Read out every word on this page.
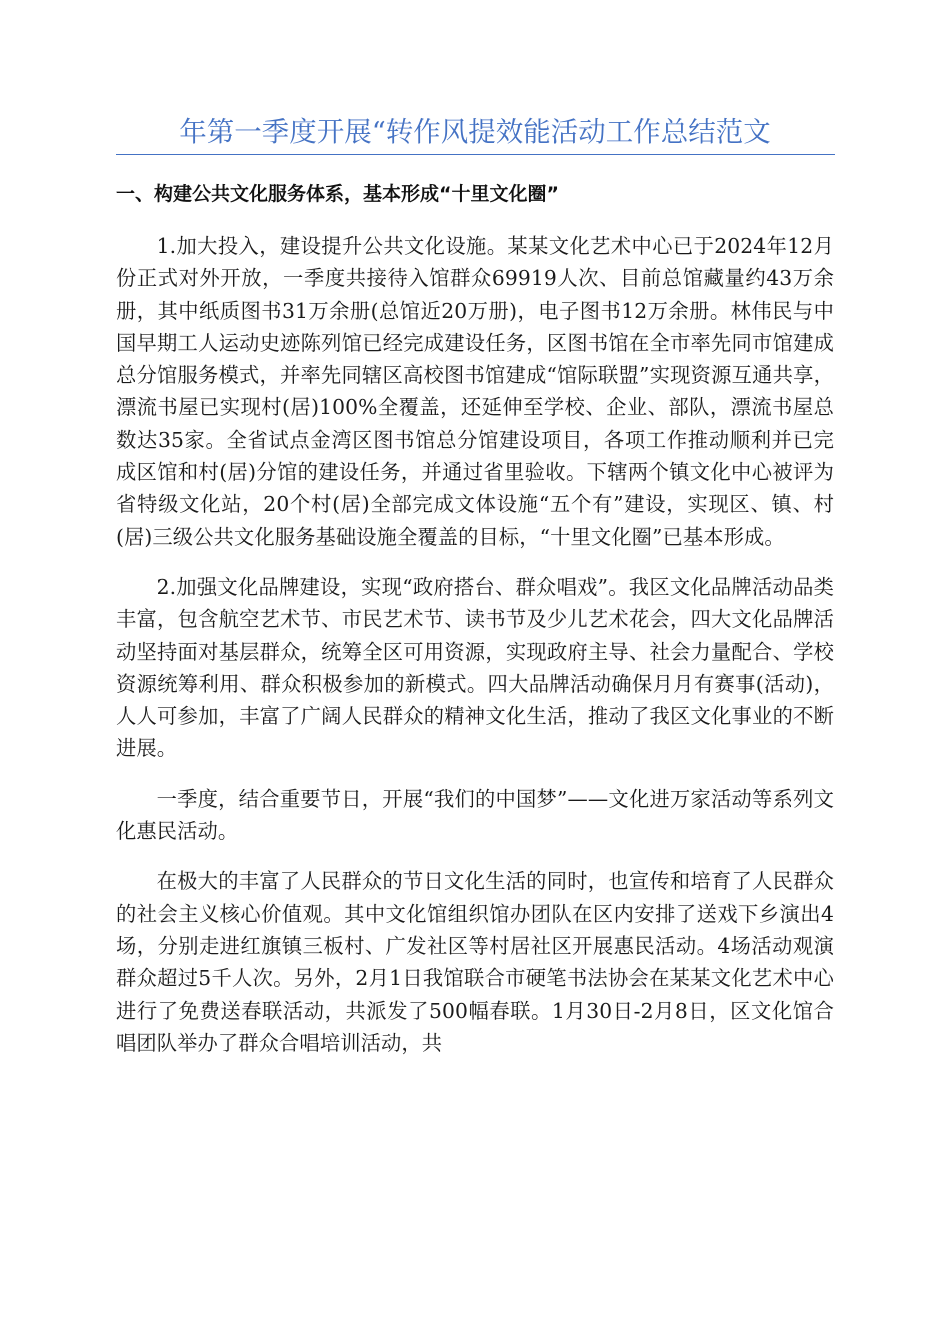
年第一季度开展“转作风提效能活动工作总结范文
一、构建公共文化服务体系，基本形成“十里文化圈”

1.加大投入，建设提升公共文化设施。某某文化艺术中心已于2024年12月份正式对外开放，一季度共接待入馆群众69919人次、目前总馆藏量约43万余册，其中纸质图书31万余册(总馆近20万册)，电子图书12万余册。林伟民与中国早期工人运动史迹陈列馆已经完成建设任务，区图书馆在全市率先同市馆建成总分馆服务模式，并率先同辖区高校图书馆建成“馆际联盟”实现资源互通共享，漂流书屋已实现村(居)100%全覆盖，还延伸至学校、企业、部队，漂流书屋总数达35家。全省试点金湾区图书馆总分馆建设项目，各项工作推动顺利并已完成区馆和村(居)分馆的建设任务，并通过省里验收。下辖两个镇文化中心被评为省特级文化站，20个村(居)全部完成文体设施“五个有”建设，实现区、镇、村(居)三级公共文化服务基础设施全覆盖的目标，“十里文化圈”已基本形成。

2.加强文化品牌建设，实现“政府搭台、群众唱戏”。我区文化品牌活动品类丰富，包含航空艺术节、市民艺术节、读书节及少儿艺术花会，四大文化品牌活动坚持面对基层群众，统筹全区可用资源，实现政府主导、社会力量配合、学校资源统筹利用、群众积极参加的新模式。四大品牌活动确保月月有赛事(活动)，人人可参加，丰富了广阔人民群众的精神文化生活，推动了我区文化事业的不断进展。

一季度，结合重要节日，开展“我们的中国梦”——文化进万家活动等系列文化惠民活动。

在极大的丰富了人民群众的节日文化生活的同时，也宣传和培育了人民群众的社会主义核心价值观。其中文化馆组织馆办团队在区内安排了送戏下乡演出4场，分别走进红旗镇三板村、广发社区等村居社区开展惠民活动。4场活动观演群众超过5千人次。另外，2月1日我馆联合市硬笔书法协会在某某文化艺术中心进行了免费送春联活动，共派发了500幅春联。1月30日-2月8日，区文化馆合唱团队举办了群众合唱培训活动，共
